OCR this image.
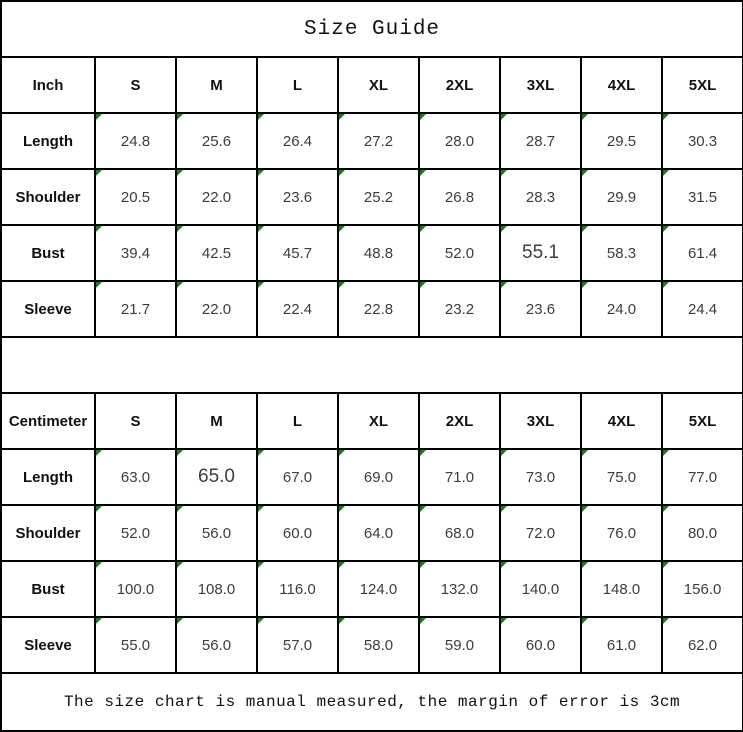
Size Guide								
Inch	S	M	L	XL	2XL	3XL	4XL	5XL
Length	24.8	25.6	26.4	27.2	28.0	28.7	29.5	30.3
Shoulder	20.5	22.0	23.6	25.2	26.8	28.3	29.9	31.5
Bust	39.4	42.5	45.7	48.8	52.0	55.1	58.3	61.4
Sleeve	21.7	22.0	22.4	22.8	23.2	23.6	24.0	24.4

Centimeter	S	M	L	XL	2XL	3XL	4XL	5XL
Length	63.0	65.0	67.0	69.0	71.0	73.0	75.0	77.0
Shoulder	52.0	56.0	60.0	64.0	68.0	72.0	76.0	80.0
Bust	100.0	108.0	116.0	124.0	132.0	140.0	148.0	156.0
Sleeve	55.0	56.0	57.0	58.0	59.0	60.0	61.0	62.0
The size chart is manual measured, the margin of error is 3cm								
